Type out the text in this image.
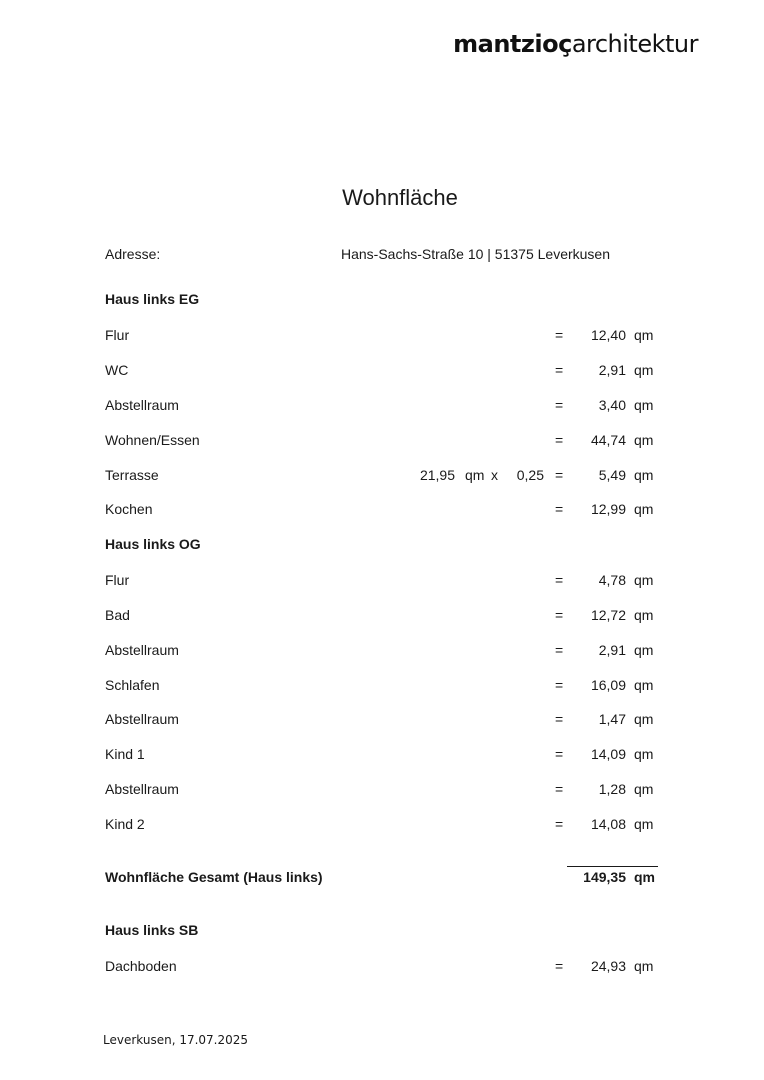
mantzioçarchitektur
Wohnfläche
Adresse:	Hans-Sachs-Straße 10 | 51375 Leverkusen
Haus links EG
Flur	= 12,40 qm
WC	=	2,91 qm
Abstellraum	=	3,40 qm
Wohnen/Essen	= 44,74 qm
Terrasse	21,95 qm x 0,25 =	5,49 qm
Kochen	= 12,99 qm
Haus links OG
Flur	=	4,78 qm
Bad	= 12,72 qm
Abstellraum	=	2,91 qm
Schlafen	= 16,09 qm
Abstellraum	=	1,47 qm
Kind 1	= 14,09 qm
Abstellraum	=	1,28 qm
Kind 2	= 14,08 qm
Wohnfläche Gesamt (Haus links)	149,35 qm
Haus links SB
Dachboden	= 24,93 qm
Leverkusen, 17.07.2025
